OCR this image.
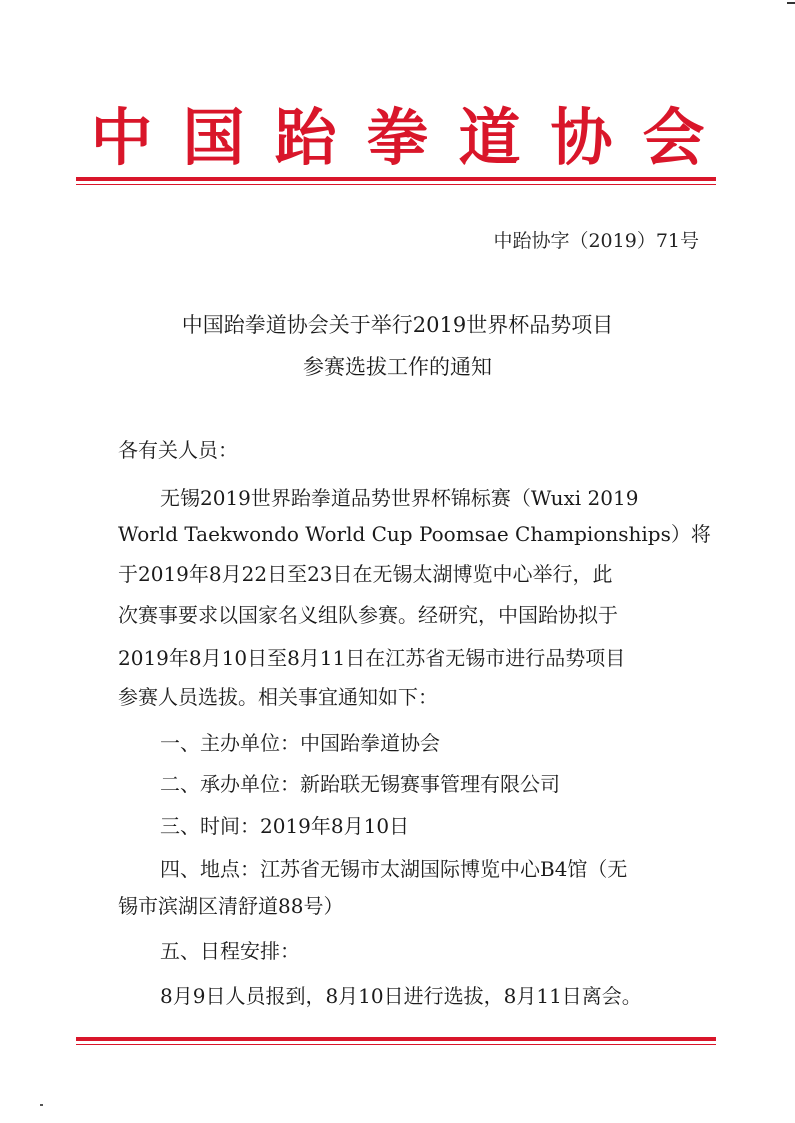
中国跆拳道协会
中跆协字（2019）71号
中国跆拳道协会关于举行2019世界杯品势项目
参赛选拔工作的通知
各有关人员：
无锡2019世界跆拳道品势世界杯锦标赛（Wuxi 2019
World Taekwondo World Cup Poomsae Championships）将
于2019年8月22日至23日在无锡太湖博览中心举行，此
次赛事要求以国家名义组队参赛。经研究，中国跆协拟于
2019年8月10日至8月11日在江苏省无锡市进行品势项目
参赛人员选拔。相关事宜通知如下：
一、主办单位：中国跆拳道协会
二、承办单位：新跆联无锡赛事管理有限公司
三、时间：2019年8月10日
四、地点：江苏省无锡市太湖国际博览中心B4馆（无
锡市滨湖区清舒道88号）
五、日程安排：
8月9日人员报到，8月10日进行选拔，8月11日离会。
